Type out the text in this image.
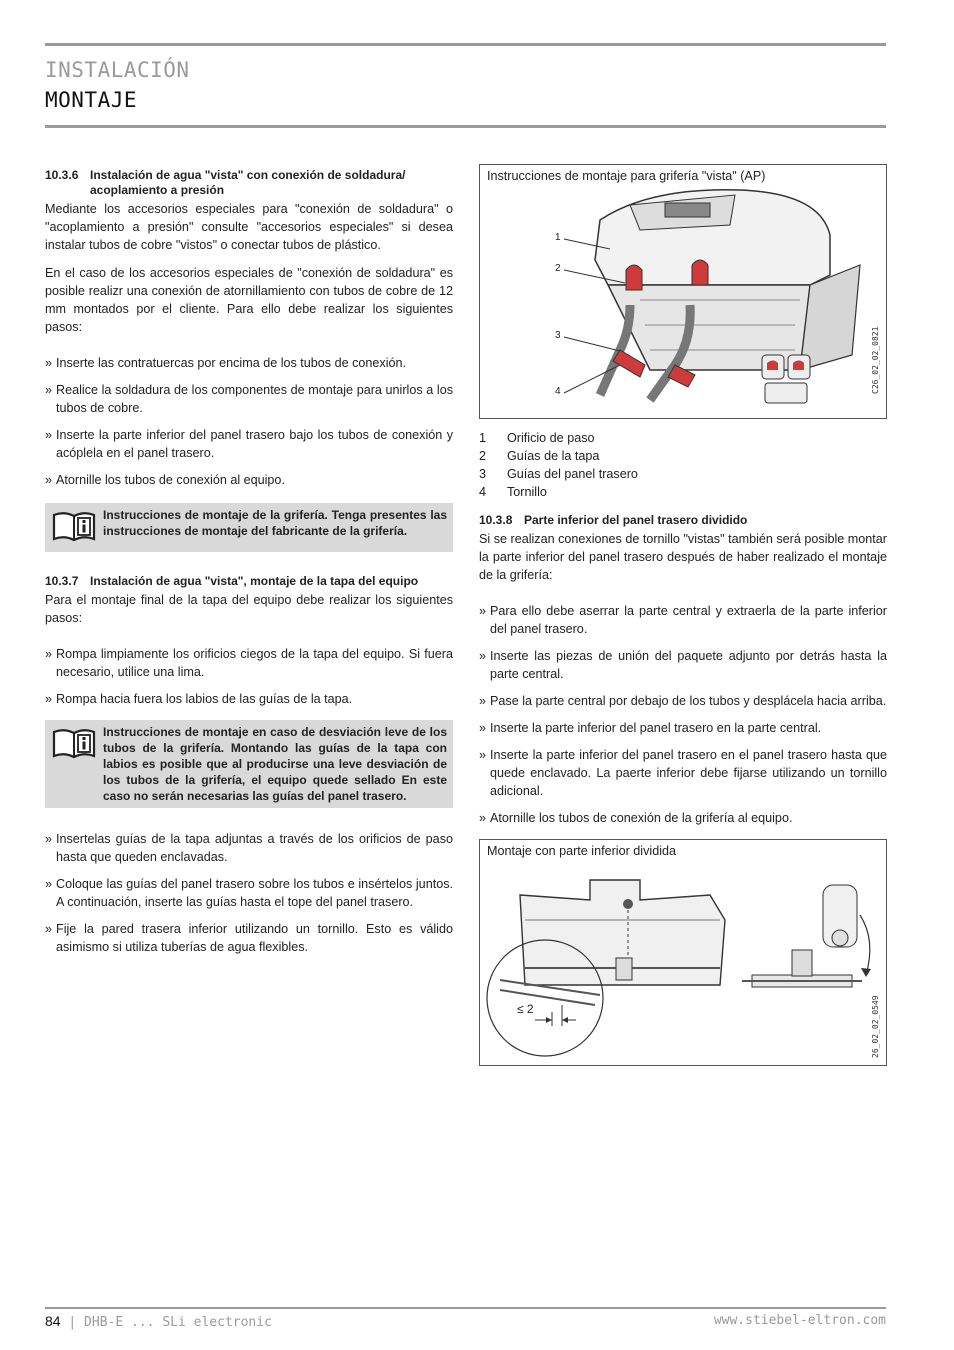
INSTALACIÓN
MONTAJE
10.3.6 Instalación de agua "vista" con conexión de soldadura/ acoplamiento a presión

Mediante los accesorios especiales para "conexión de soldadura" o "acoplamiento a presión" consulte "accesorios especiales" si desea instalar tubos de cobre "vistos" o conectar tubos de plástico.

En el caso de los accesorios especiales de "conexión de soldadura" es posible realizr una conexión de atornillamiento con tubos de cobre de 12 mm montados por el cliente. Para ello debe realizar los siguientes pasos:

» Inserte las contratuercas por encima de los tubos de conexión.
» Realice la soldadura de los componentes de montaje para unirlos a los tubos de cobre.
» Inserte la parte inferior del panel trasero bajo los tubos de conexión y acóplela en el panel trasero.
» Atornille los tubos de conexión al equipo.
Instrucciones de montaje de la grifería. Tenga presentes las instrucciones de montaje del fabricante de la grifería.
10.3.7 Instalación de agua "vista", montaje de la tapa del equipo

Para el montaje final de la tapa del equipo debe realizar los siguientes pasos:

» Rompa limpiamente los orificios ciegos de la tapa del equipo. Si fuera necesario, utilice una lima.
» Rompa hacia fuera los labios de las guías de la tapa.
Instrucciones de montaje en caso de desviación leve de los tubos de la grifería. Montando las guías de la tapa con labios es posible que al producirse una leve desviación de los tubos de la grifería, el equipo quede sellado En este caso no serán necesarias las guías del panel trasero.
» Insertelas guías de la tapa adjuntas a través de los orificios de paso hasta que queden enclavadas.
» Coloque las guías del panel trasero sobre los tubos e insértelos juntos. A continuación, inserte las guías hasta el tope del panel trasero.
» Fije la pared trasera inferior utilizando un tornillo. Esto es válido asimismo si utiliza tuberías de agua flexibles.
Instrucciones de montaje para grifería "vista" (AP)
C26_02_02_0821
1
2
3
4
1	Orificio de paso
2	Guías de la tapa
3	Guías del panel trasero
4	Tornillo
10.3.8 Parte inferior del panel trasero dividido

Si se realizan conexiones de tornillo "vistas" también será posible montar la parte inferior del panel trasero después de haber realizado el montaje de la grifería:

» Para ello debe aserrar la parte central y extraerla de la parte inferior del panel trasero.
» Inserte las piezas de unión del paquete adjunto por detrás hasta la parte central.
» Pase la parte central por debajo de los tubos y desplácela hacia arriba.
» Inserte la parte inferior del panel trasero en la parte central.
» Inserte la parte inferior del panel trasero en el panel trasero hasta que quede enclavado. La paerte inferior debe fijarse utilizando un tornillo adicional.
» Atornille los tubos de conexión de la grifería al equipo.
Montaje con parte inferior dividida
26_02_02_0549
≤ 2
84 | DHB-E ... SLi electronic	www.stiebel-eltron.com
